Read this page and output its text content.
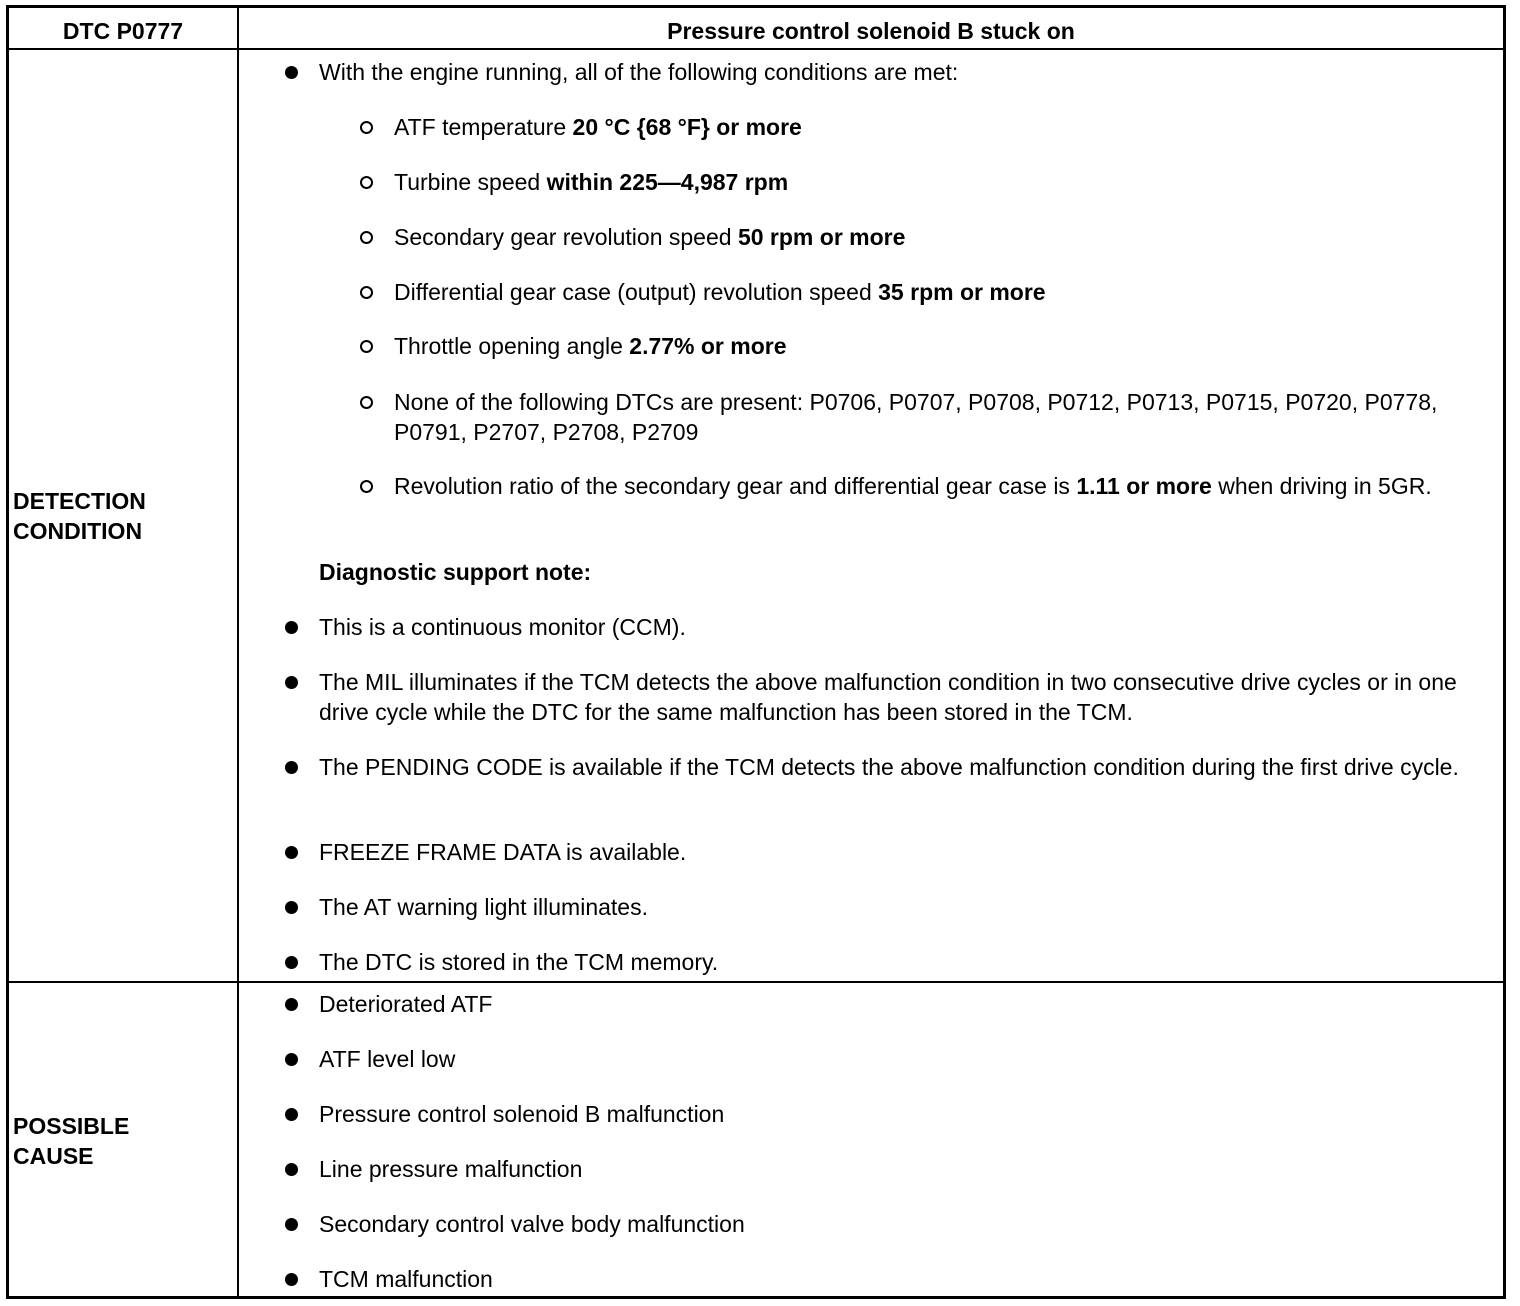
DTC P0777	Pressure control solenoid B stuck on
DETECTION
CONDITION
With the engine running, all of the following conditions are met:
ATF temperature 20 °C {68 °F} or more
Turbine speed within 225—4,987 rpm
Secondary gear revolution speed 50 rpm or more
Differential gear case (output) revolution speed 35 rpm or more
Throttle opening angle 2.77% or more
None of the following DTCs are present: P0706, P0707, P0708, P0712, P0713, P0715, P0720, P0778, P0791, P2707, P2708, P2709
Revolution ratio of the secondary gear and differential gear case is 1.11 or more when driving in 5GR.
Diagnostic support note:
This is a continuous monitor (CCM).
The MIL illuminates if the TCM detects the above malfunction condition in two consecutive drive cycles or in one drive cycle while the DTC for the same malfunction has been stored in the TCM.
The PENDING CODE is available if the TCM detects the above malfunction condition during the first drive cycle.
FREEZE FRAME DATA is available.
The AT warning light illuminates.
The DTC is stored in the TCM memory.
POSSIBLE
CAUSE
Deteriorated ATF
ATF level low
Pressure control solenoid B malfunction
Line pressure malfunction
Secondary control valve body malfunction
TCM malfunction
